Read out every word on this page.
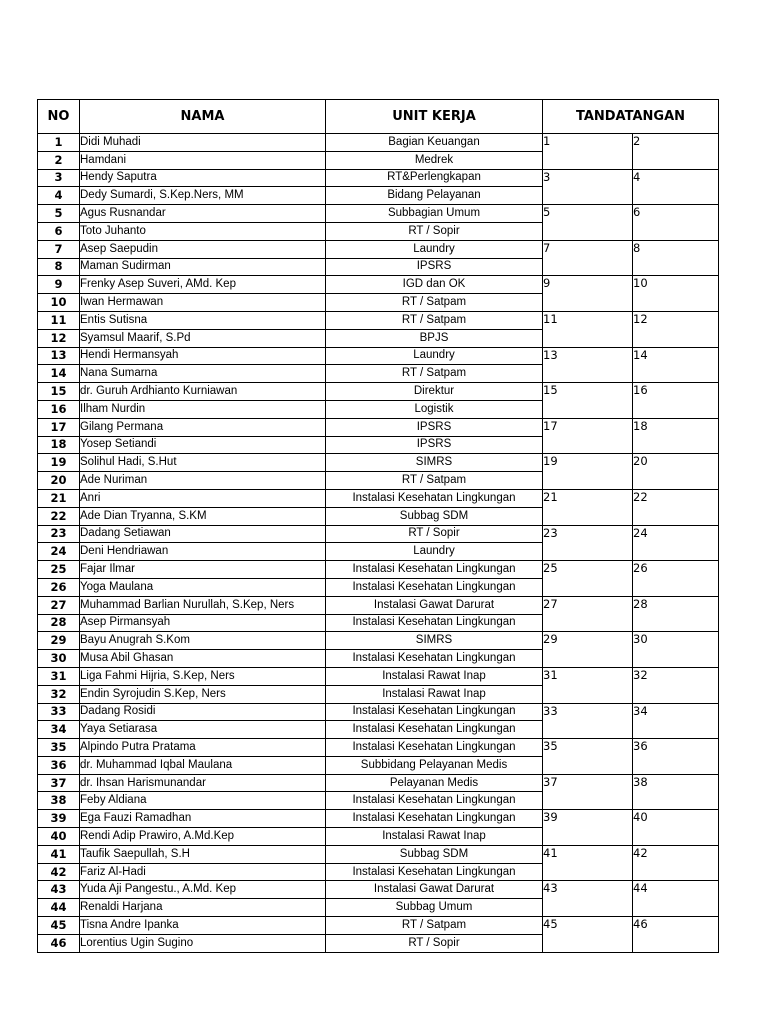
NO	NAMA	UNIT KERJA	TANDATANGAN	
1	Didi Muhadi	Bagian Keuangan	1	2
2	Hamdani	Medrek		
3	Hendy Saputra	RT&Perlengkapan	3	4
4	Dedy Sumardi, S.Kep.Ners, MM	Bidang Pelayanan		
5	Agus Rusnandar	Subbagian Umum	5	6
6	Toto Juhanto	RT / Sopir		
7	Asep Saepudin	Laundry	7	8
8	Maman Sudirman	IPSRS		
9	Frenky Asep Suveri, AMd. Kep	IGD dan OK	9	10
10	Iwan Hermawan	RT / Satpam		
11	Entis Sutisna	RT / Satpam	11	12
12	Syamsul Maarif, S.Pd	BPJS		
13	Hendi Hermansyah	Laundry	13	14
14	Nana Sumarna	RT / Satpam		
15	dr. Guruh Ardhianto Kurniawan	Direktur	15	16
16	Ilham Nurdin	Logistik		
17	Gilang Permana	IPSRS	17	18
18	Yosep Setiandi	IPSRS		
19	Solihul Hadi, S.Hut	SIMRS	19	20
20	Ade Nuriman	RT / Satpam		
21	Anri	Instalasi Kesehatan Lingkungan	21	22
22	Ade Dian Tryanna, S.KM	Subbag SDM		
23	Dadang Setiawan	RT / Sopir	23	24
24	Deni Hendriawan	Laundry		
25	Fajar Ilmar	Instalasi Kesehatan Lingkungan	25	26
26	Yoga Maulana	Instalasi Kesehatan Lingkungan		
27	Muhammad Barlian Nurullah, S.Kep, Ners	Instalasi Gawat Darurat	27	28
28	Asep Pirmansyah	Instalasi Kesehatan Lingkungan		
29	Bayu Anugrah S.Kom	SIMRS	29	30
30	Musa Abil Ghasan	Instalasi Kesehatan Lingkungan		
31	Liga Fahmi Hijria, S.Kep, Ners	Instalasi Rawat Inap	31	32
32	Endin Syrojudin S.Kep, Ners	Instalasi Rawat Inap		
33	Dadang Rosidi	Instalasi Kesehatan Lingkungan	33	34
34	Yaya Setiarasa	Instalasi Kesehatan Lingkungan		
35	Alpindo Putra Pratama	Instalasi Kesehatan Lingkungan	35	36
36	dr. Muhammad Iqbal Maulana	Subbidang Pelayanan Medis		
37	dr. Ihsan Harismunandar	Pelayanan Medis	37	38
38	Feby Aldiana	Instalasi Kesehatan Lingkungan		
39	Ega Fauzi Ramadhan	Instalasi Kesehatan Lingkungan	39	40
40	Rendi Adip Prawiro, A.Md.Kep	Instalasi Rawat Inap		
41	Taufik Saepullah, S.H	Subbag SDM	41	42
42	Fariz Al-Hadi	Instalasi Kesehatan Lingkungan		
43	Yuda Aji Pangestu., A.Md. Kep	Instalasi Gawat Darurat	43	44
44	Renaldi Harjana	Subbag Umum		
45	Tisna Andre Ipanka	RT / Satpam	45	46
46	Lorentius Ugin Sugino	RT / Sopir		
